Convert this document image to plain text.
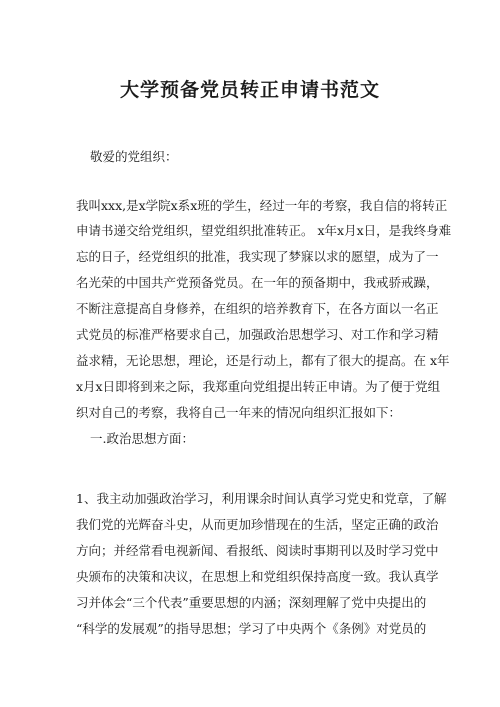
大学预备党员转正申请书范文

敬爱的党组织：

我叫xxx,是x学院x系x班的学生，经过一年的考察，我自信的将转正

申请书递交给党组织，望党组织批准转正。 x年x月x日，是我终身难

忘的日子，经党组织的批准，我实现了梦寐以求的愿望，成为了一

名光荣的中国共产党预备党员。在一年的预备期中，我戒骄戒躁，

不断注意提高自身修养，在组织的培养教育下，在各方面以一名正

式党员的标准严格要求自己，加强政治思想学习、对工作和学习精

益求精，无论思想，理论，还是行动上，都有了很大的提高。在 x年

x月x日即将到来之际，我郑重向党组提出转正申请。为了便于党组

织对自己的考察，我将自己一年来的情况向组织汇报如下：

一.政治思想方面：

1、我主动加强政治学习，利用课余时间认真学习党史和党章，了解

我们党的光辉奋斗史，从而更加珍惜现在的生活，坚定正确的政治

方向；并经常看电视新闻、看报纸、阅读时事期刊以及时学习党中

央颁布的决策和决议，在思想上和党组织保持高度一致。我认真学

习并体会“三个代表”重要思想的内涵；深刻理解了党中央提出的

“科学的发展观”的指导思想；学习了中央两个《条例》对党员的
